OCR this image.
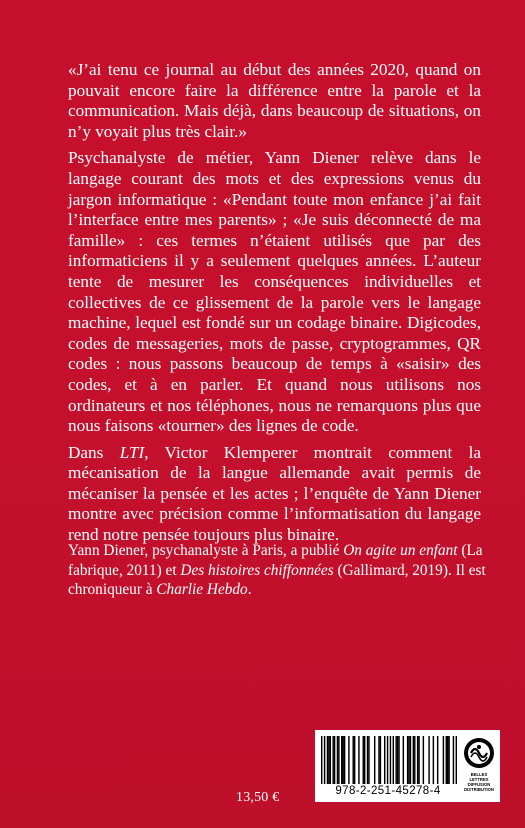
«J’ai tenu ce journal au début des années 2020, quand on pouvait encore faire la différence entre la parole et la communication. Mais déjà, dans beaucoup de situations, on n’y voyait plus très clair.»

Psychanalyste de métier, Yann Diener relève dans le langage courant des mots et des expressions venus du jargon informatique : «Pendant toute mon enfance j’ai fait l’interface entre mes parents» ; «Je suis déconnecté de ma famille» : ces termes n’étaient utilisés que par des informaticiens il y a seulement quelques années. L’auteur tente de mesurer les conséquences individuelles et collectives de ce glissement de la parole vers le langage machine, lequel est fondé sur un codage binaire. Digicodes, codes de messageries, mots de passe, cryptogrammes, QR codes : nous passons beaucoup de temps à «saisir» des codes, et à en parler. Et quand nous utilisons nos ordinateurs et nos téléphones, nous ne remarquons plus que nous faisons «tourner» des lignes de code.

Dans LTI, Victor Klemperer montrait comment la mécanisation de la langue allemande avait permis de mécaniser la pensée et les actes ; l’enquête de Yann Diener montre avec précision comme l’informatisation du langage rend notre pensée toujours plus binaire.

Yann Diener, psychanalyste à Paris, a publié On agite un enfant (La fabrique, 2011) et Des histoires chiffonnées (Gallimard, 2019). Il est chroniqueur à Charlie Hebdo.

13,50 €	978-2-251-45278-4
BELLES LETTRES
DIFFUSION
DISTRIBUTION
